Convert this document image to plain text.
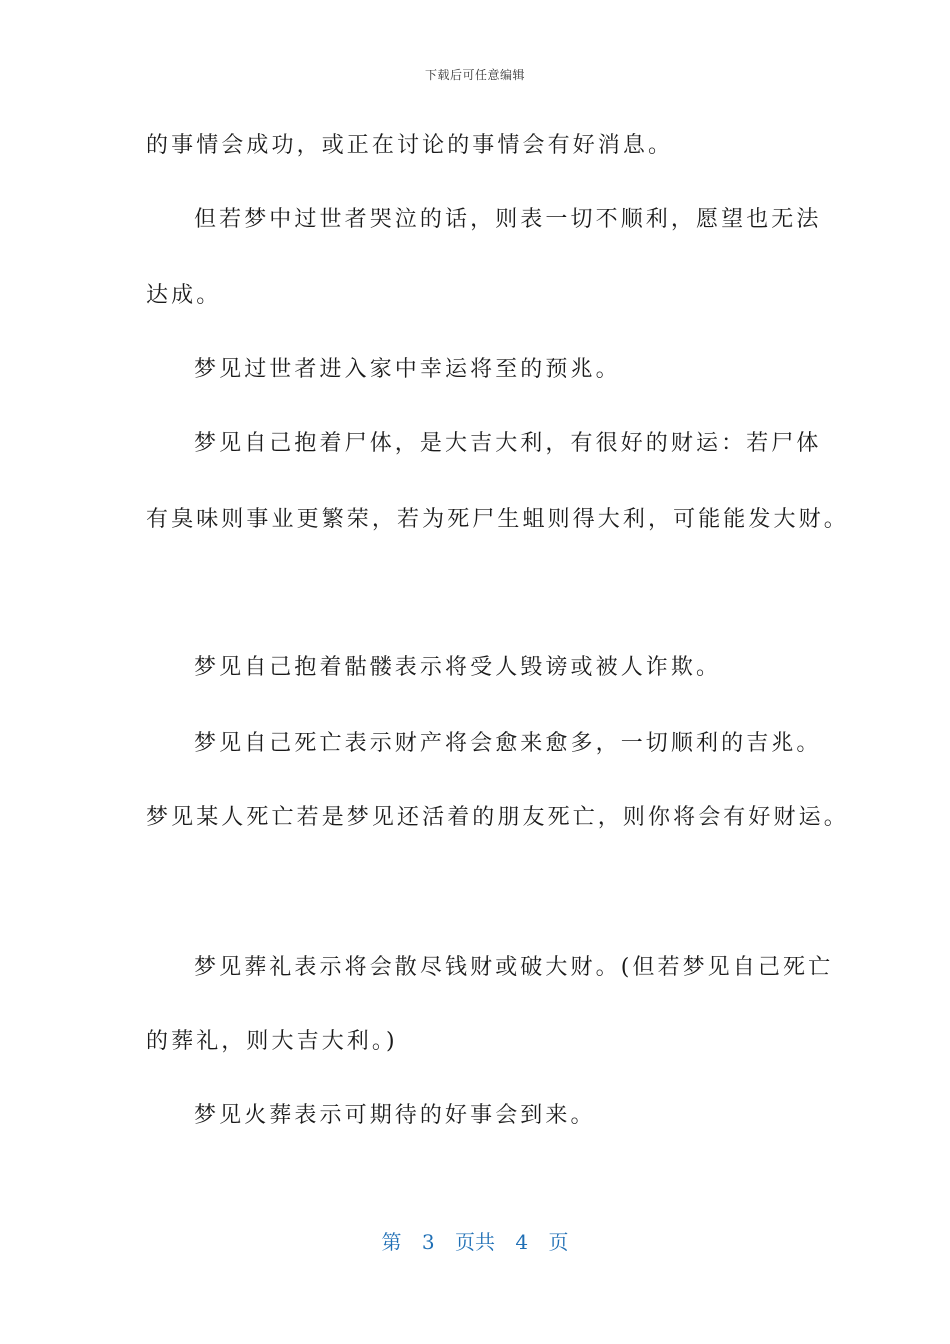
下载后可任意编辑
的事情会成功，或正在讨论的事情会有好消息。
但若梦中过世者哭泣的话，则表一切不顺利，愿望也无法
达成。
梦见过世者进入家中幸运将至的预兆。
梦见自己抱着尸体，是大吉大利，有很好的财运：若尸体
有臭味则事业更繁荣，若为死尸生蛆则得大利，可能能发大财。
梦见自己抱着骷髅表示将受人毁谤或被人诈欺。
梦见自己死亡表示财产将会愈来愈多，一切顺利的吉兆。
梦见某人死亡若是梦见还活着的朋友死亡，则你将会有好财运。
梦见葬礼表示将会散尽钱财或破大财。(但若梦见自己死亡
的葬礼，则大吉大利。)
梦见火葬表示可期待的好事会到来。
第 3 页共 4 页
